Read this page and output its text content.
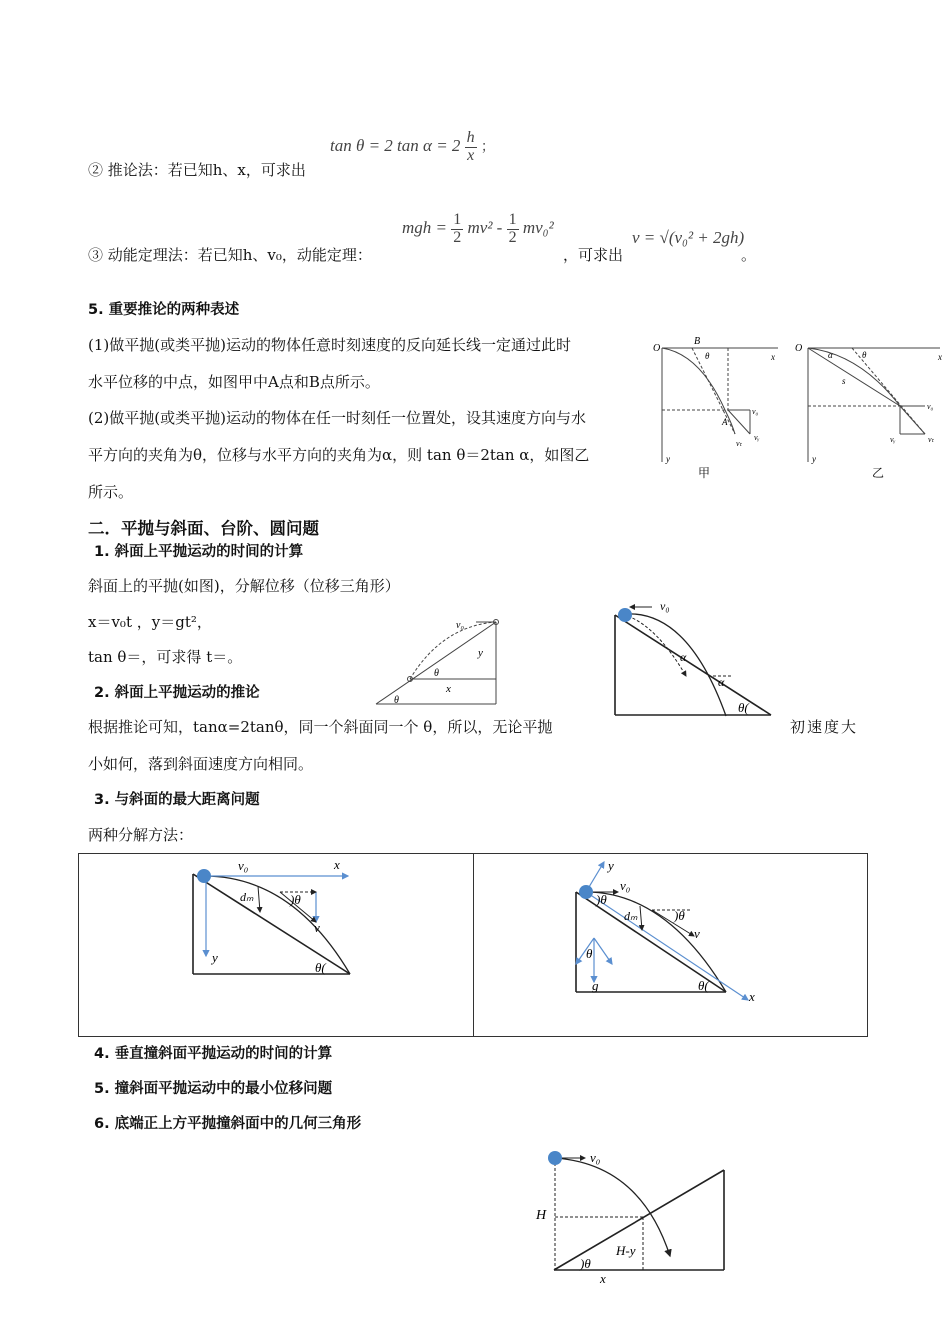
② 推论法：若已知h、x，可求出
tan θ = 2 $\tan \alpha = 2 \frac{h}{x}$ ；
③ 动能定理法：若已知h、v₀，动能定理：
mgh = $\frac{1}{2} mv^2 - \frac{1}{2} mv_0^2$
，可求出
v = √(v₀² + 2gh)
。
5. 重要推论的两种表述
(1)做平抛(或类平抛)运动的物体任意时刻速度的反向延长线一定通过此时
水平位移的中点，如图甲中A点和B点所示。
(2)做平抛(或类平抛)运动的物体在任一时刻任一位置处，设其速度方向与水
平方向的夹角为θ，位移与水平方向的夹角为α，则 tan θ＝2tan α，如图乙
所示。
O
B
θ	x
A
v₀
vᵧ
vₜ
y
甲
O
α	θ	x
s
v₀
vᵧ	vₜ
y
乙
二．平抛与斜面、台阶、圆问题
1. 斜面上平抛运动的时间的计算
斜面上的平抛(如图)，分解位移（位移三角形）
x＝v₀t ，y＝gt²，
tan θ＝，可求得 t＝。
2. 斜面上平抛运动的推论
根据推论可知，tanα=2tanθ，同一个斜面同一个 θ，所以，无论平抛	初速度大
小如何，落到斜面速度方向相同。
3. 与斜面的最大距离问题
两种分解方法：
v₀
y
θ
x
θ
v₀
α
α
θ(

v₀	x
dₘ	)θ
v
y
θ(
y
v₀
)θ
dₘ	)θ
v
θ
g	θ(
x
4. 垂直撞斜面平抛运动的时间的计算
5. 撞斜面平抛运动中的最小位移问题
6. 底端正上方平抛撞斜面中的几何三角形
v₀
H
H-y
)θ
x
